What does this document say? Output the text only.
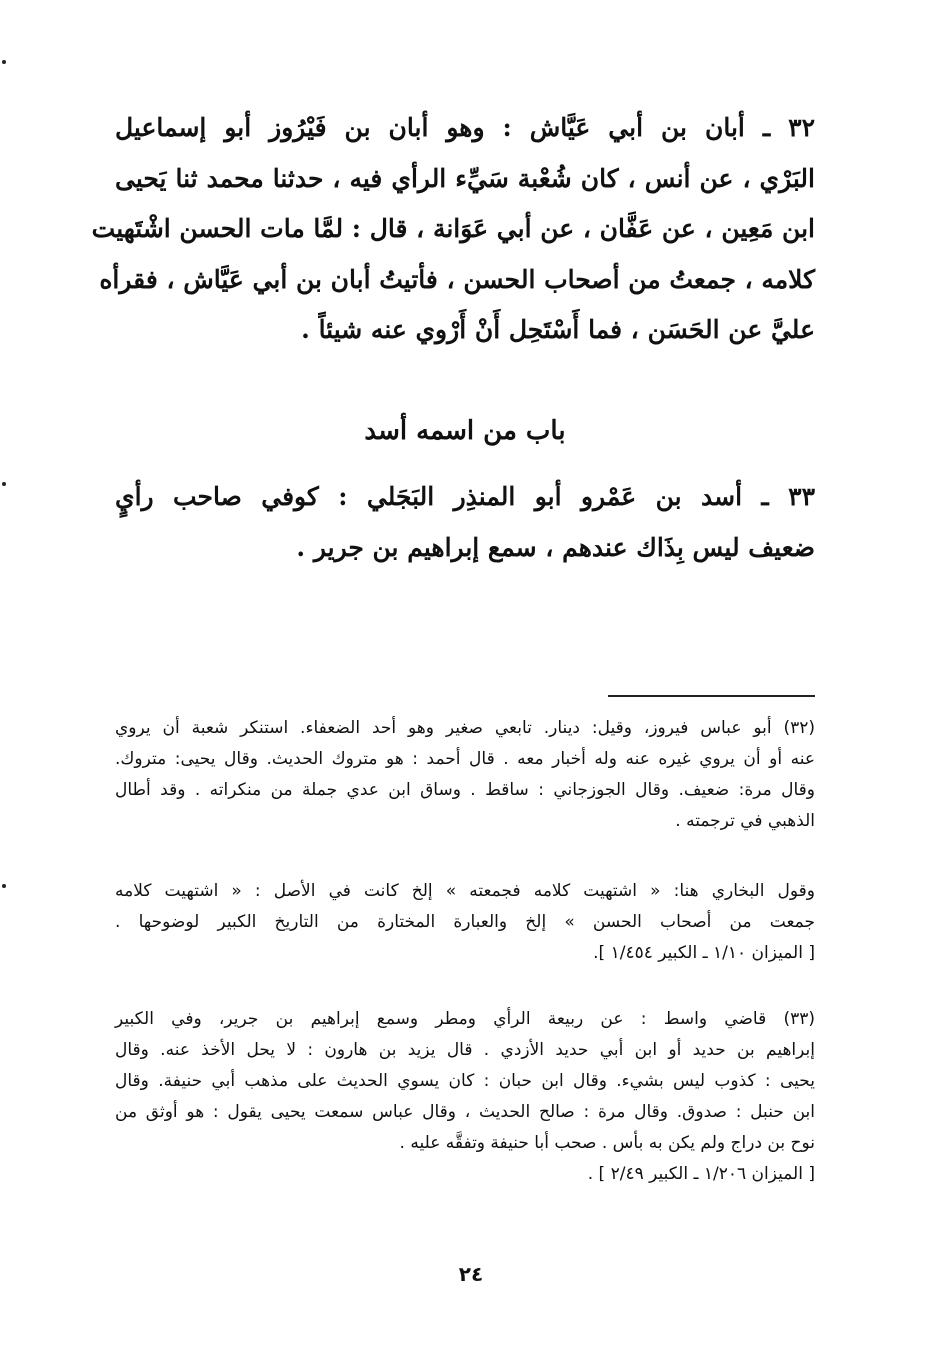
٣٢ ـ أبان بن أبي عَيَّاش : وهو أبان بن فَيْرُوز أبو إسماعيل
البَرْي ، عن أنس ، كان شُعْبة سَيِّء الرأي فيه ، حدثنا محمد ثنا يَحيى
ابن مَعِين ، عن عَفَّان ، عن أبي عَوَانة ، قال : لمَّا مات الحسن اشْتَهيت
كلامه ، جمعتُ من أصحاب الحسن ، فأتيتُ أبان بن أبي عَيَّاش ، فقرأه
عليَّ عن الحَسَن ، فما أَسْتَحِل أَنْ أَرْوي عنه شيئاً .
باب من اسمه أسد
٣٣ ـ أسد بن عَمْرو أبو المنذِر البَجَلي : كوفي صاحب رأيٍ
ضعيف ليس بِذَاك عندهم ، سمع إبراهيم بن جرير .
(٣٢) أبو عباس فيروز، وقيل: دينار. تابعي صغير وهو أحد الضعفاء. استنكر شعبة أن يروي
عنه أو أن يروي غيره عنه وله أخبار معه . قال أحمد : هو متروك الحديث. وقال يحيى: متروك.
وقال مرة: ضعيف. وقال الجوزجاني : ساقط . وساق ابن عدي جملة من منكراته . وقد أطال
الذهبي في ترجمته .
وقول البخاري هنا: « اشتهيت كلامه فجمعته » إلخ كانت في الأصل : « اشتهيت كلامه
جمعت من أصحاب الحسن » إلخ والعبارة المختارة من التاريخ الكبير لوضوحها .
[ الميزان ١/١٠ ـ الكبير ١/٤٥٤ ].
(٣٣) قاضي واسط : عن ربيعة الرأي ومطر وسمع إبراهيم بن جرير، وفي الكبير
إبراهيم بن حديد أو ابن أبي حديد الأزدي . قال يزيد بن هارون : لا يحل الأخذ عنه. وقال
يحيى : كذوب ليس بشيء. وقال ابن حبان : كان يسوي الحديث على مذهب أبي حنيفة. وقال
ابن حنبل : صدوق. وقال مرة : صالح الحديث ، وقال عباس سمعت يحيى يقول : هو أوثق من
نوح بن دراج ولم يكن به بأس . صحب أبا حنيفة وتفقَّه عليه .
[ الميزان ١/٢٠٦ ـ الكبير ٢/٤٩ ] .
٢٤
